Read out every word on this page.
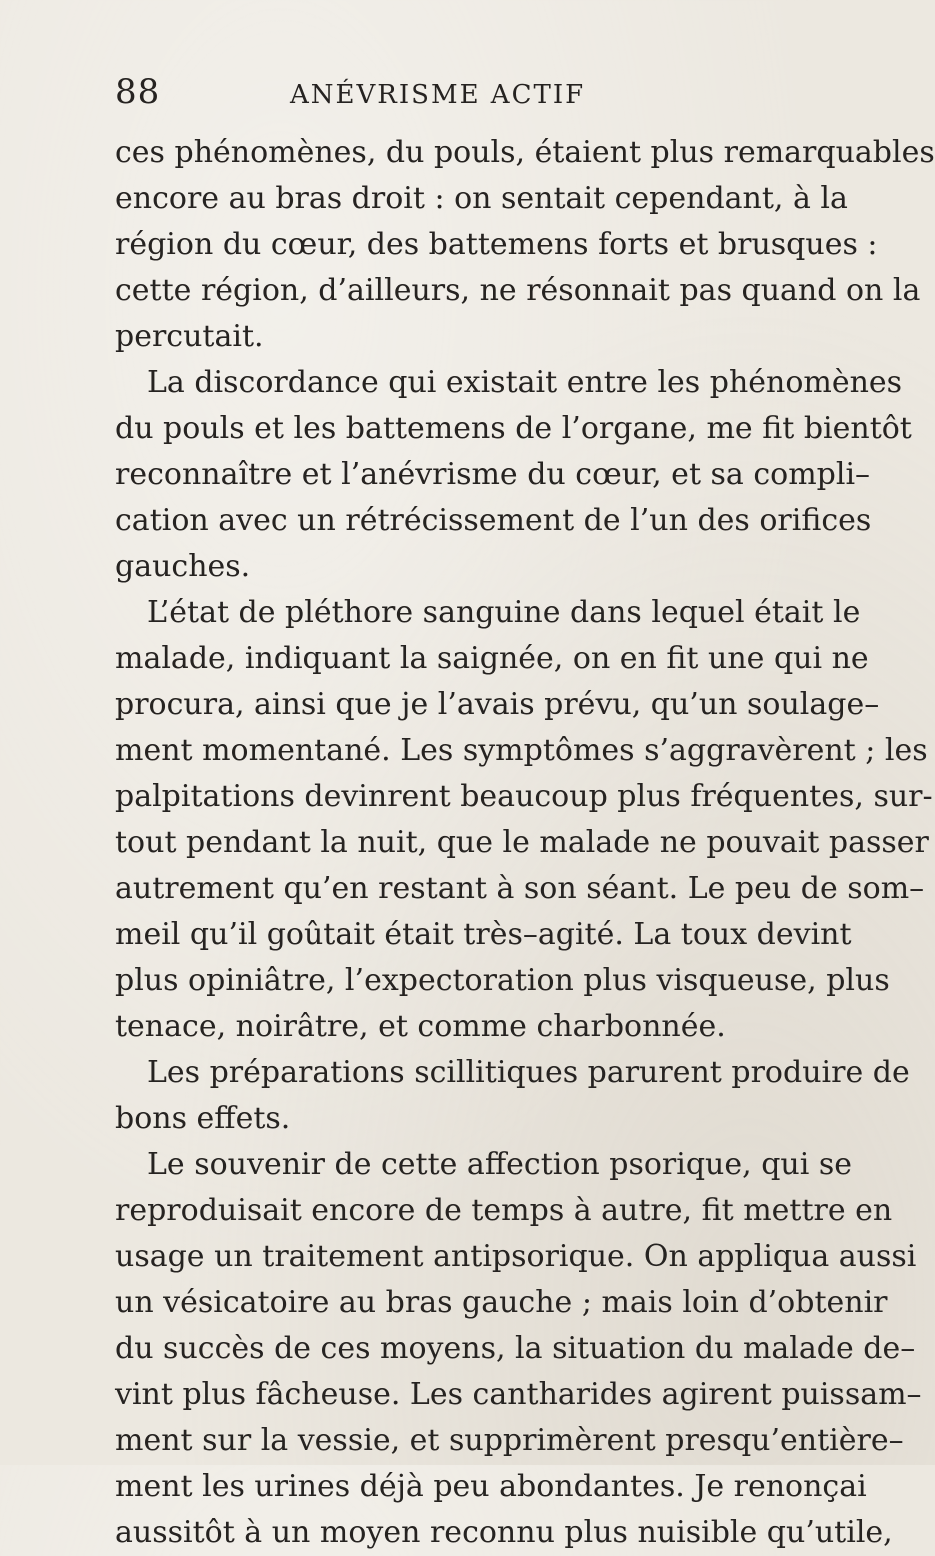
88	ANÉVRISME ACTIF
ces phénomènes, du pouls, étaient plus remarquables
encore au bras droit : on sentait cependant, à la
région du cœur, des battemens forts et brusques :
cette région, d’ailleurs, ne résonnait pas quand on la
percutait.
La discordance qui existait entre les phénomènes
du pouls et les battemens de l’organe, me fit bientôt
reconnaître et l’anévrisme du cœur, et sa compli–
cation avec un rétrécissement de l’un des orifices
gauches.
L’état de pléthore sanguine dans lequel était le
malade, indiquant la saignée, on en fit une qui ne
procura, ainsi que je l’avais prévu, qu’un soulage–
ment momentané. Les symptômes s’aggravèrent ; les
palpitations devinrent beaucoup plus fréquentes, sur-
tout pendant la nuit, que le malade ne pouvait passer
autrement qu’en restant à son séant. Le peu de som–
meil qu’il goûtait était très–agité. La toux devint
plus opiniâtre, l’expectoration plus visqueuse, plus
tenace, noirâtre, et comme charbonnée.
Les préparations scillitiques parurent produire de
bons effets.
Le souvenir de cette affection psorique, qui se
reproduisait encore de temps à autre, fit mettre en
usage un traitement antipsorique. On appliqua aussi
un vésicatoire au bras gauche ; mais loin d’obtenir
du succès de ces moyens, la situation du malade de–
vint plus fâcheuse. Les cantharides agirent puissam–
ment sur la vessie, et supprimèrent presqu’entière–
ment les urines déjà peu abondantes. Je renonçai
aussitôt à un moyen reconnu plus nuisible qu’utile,
